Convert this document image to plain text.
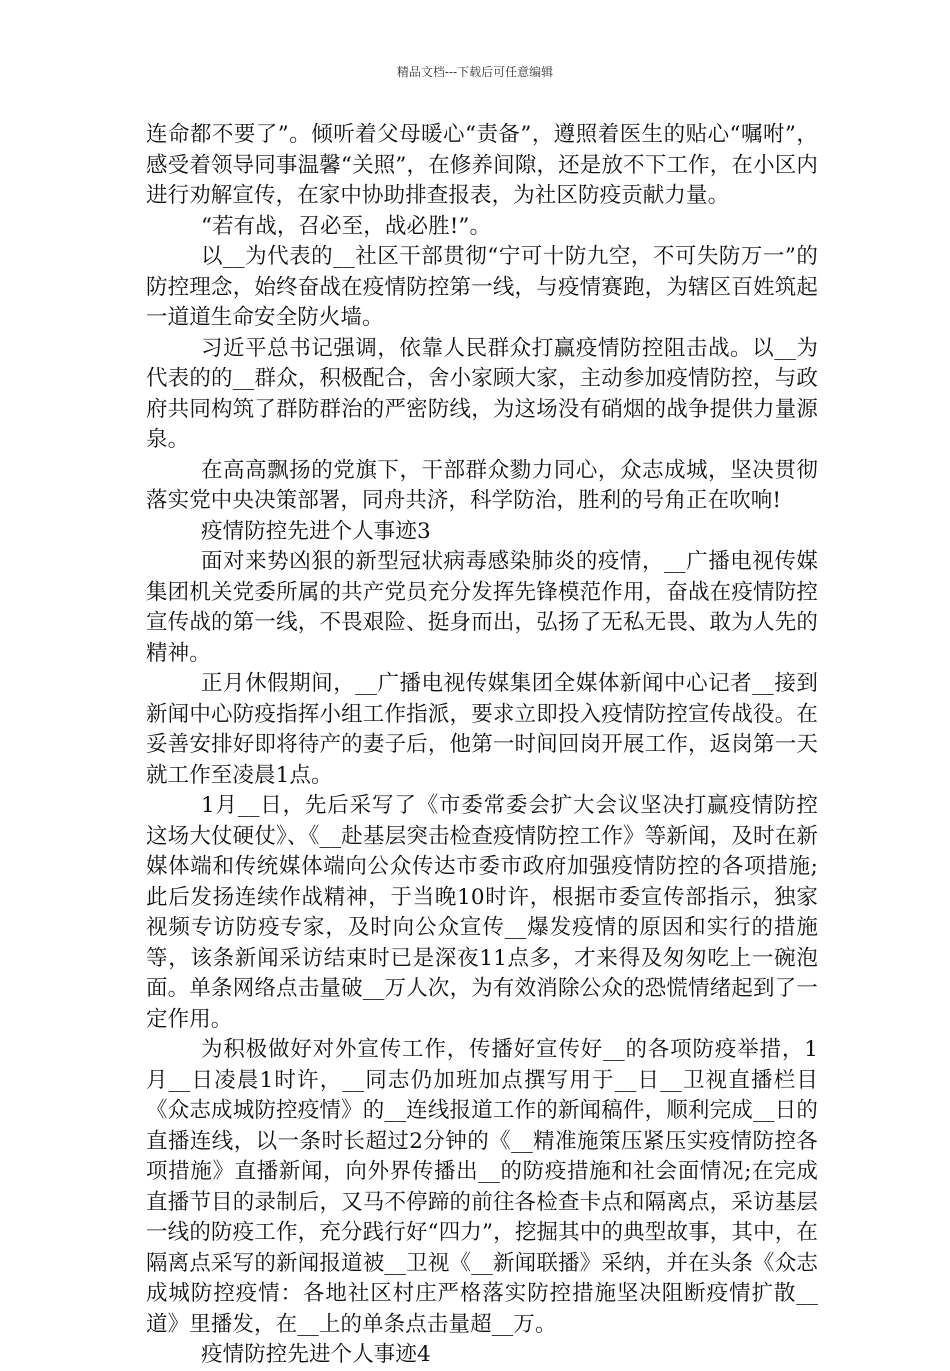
精品文档---下载后可任意编辑

连命都不要了”。倾听着父母暖心“责备”，遵照着医生的贴心“嘱咐”，感受着领导同事温馨“关照”，在修养间隙，还是放不下工作，在小区内进行劝解宣传，在家中协助排查报表，为社区防疫贡献力量。

“若有战，召必至，战必胜!”。

以__为代表的__社区干部贯彻“宁可十防九空，不可失防万一”的防控理念，始终奋战在疫情防控第一线，与疫情赛跑，为辖区百姓筑起一道道生命安全防火墙。

习近平总书记强调，依靠人民群众打赢疫情防控阻击战。以__为代表的的__群众，积极配合，舍小家顾大家，主动参加疫情防控，与政府共同构筑了群防群治的严密防线，为这场没有硝烟的战争提供力量源泉。

在高高飘扬的党旗下，干部群众勠力同心，众志成城，坚决贯彻落实党中央决策部署，同舟共济，科学防治，胜利的号角正在吹响!

疫情防控先进个人事迹3

面对来势凶狠的新型冠状病毒感染肺炎的疫情，__广播电视传媒集团机关党委所属的共产党员充分发挥先锋模范作用，奋战在疫情防控宣传战的第一线，不畏艰险、挺身而出，弘扬了无私无畏、敢为人先的精神。

正月休假期间，__广播电视传媒集团全媒体新闻中心记者__接到新闻中心防疫指挥小组工作指派，要求立即投入疫情防控宣传战役。在妥善安排好即将待产的妻子后，他第一时间回岗开展工作，返岗第一天就工作至凌晨1点。

1月__日，先后采写了《市委常委会扩大会议坚决打赢疫情防控这场大仗硬仗》、《__赴基层突击检查疫情防控工作》等新闻，及时在新媒体端和传统媒体端向公众传达市委市政府加强疫情防控的各项措施;此后发扬连续作战精神，于当晚10时许，根据市委宣传部指示，独家视频专访防疫专家，及时向公众宣传__爆发疫情的原因和实行的措施等，该条新闻采访结束时已是深夜11点多，才来得及匆匆吃上一碗泡面。单条网络点击量破__万人次，为有效消除公众的恐慌情绪起到了一定作用。

为积极做好对外宣传工作，传播好宣传好__的各项防疫举措，1月__日凌晨1时许，__同志仍加班加点撰写用于__日__卫视直播栏目《众志成城防控疫情》的__连线报道工作的新闻稿件，顺利完成__日的直播连线，以一条时长超过2分钟的《__精准施策压紧压实疫情防控各项措施》直播新闻，向外界传播出__的防疫措施和社会面情况;在完成直播节目的录制后，又马不停蹄的前往各检查卡点和隔离点，采访基层一线的防疫工作，充分践行好“四力”，挖掘其中的典型故事，其中，在隔离点采写的新闻报道被__卫视《__新闻联播》采纳，并在头条《众志成城防控疫情：各地社区村庄严格落实防控措施坚决阻断疫情扩散__道》里播发，在__上的单条点击量超__万。

疫情防控先进个人事迹4
